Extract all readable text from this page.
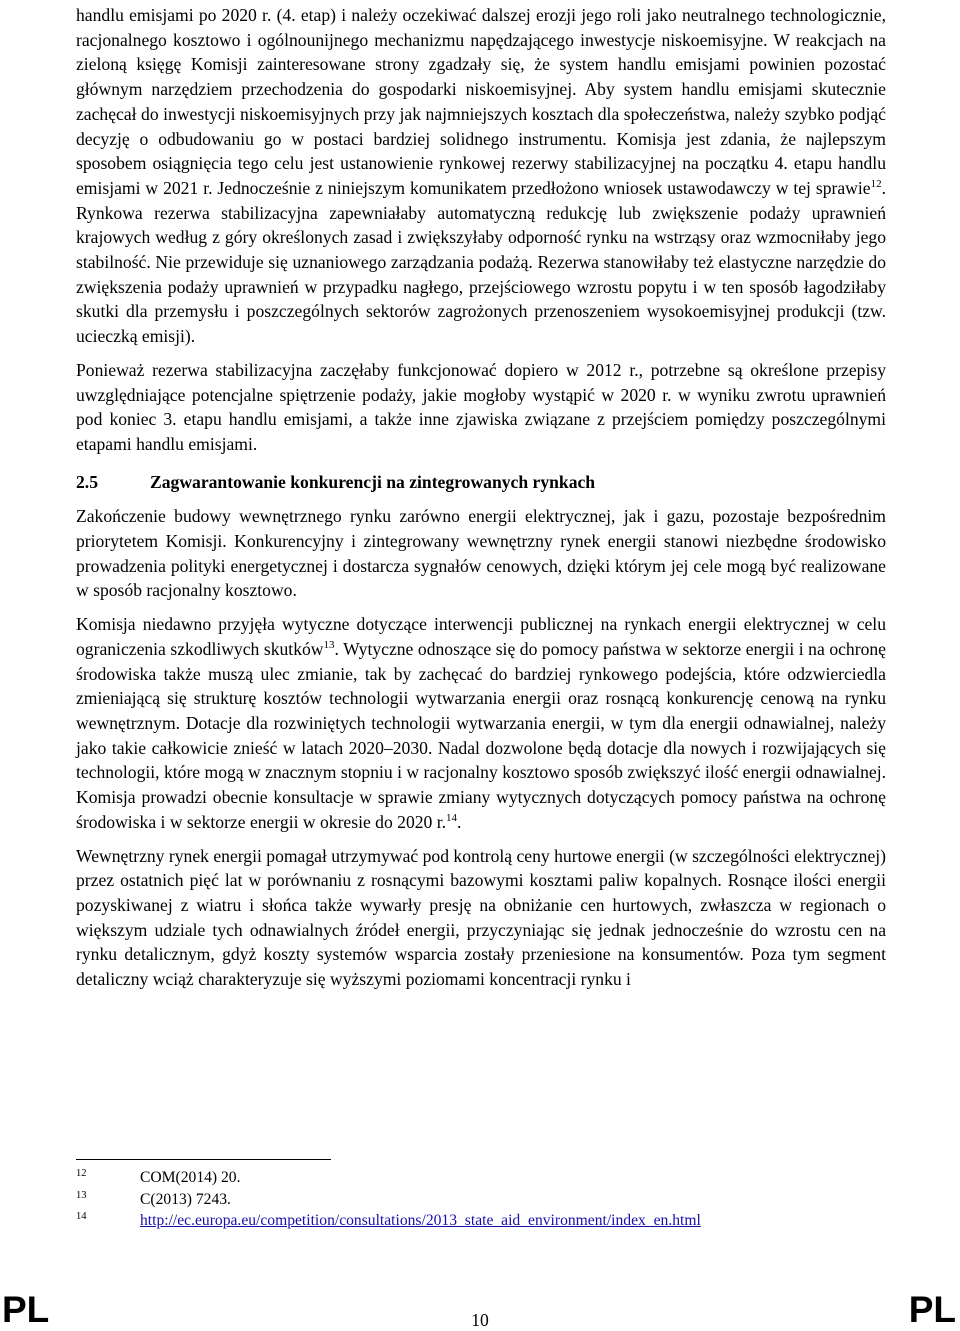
handlu emisjami po 2020 r. (4. etap) i należy oczekiwać dalszej erozji jego roli jako neutralnego technologicznie, racjonalnego kosztowo i ogólnounijnego mechanizmu napędzającego inwestycje niskoemisyjne. W reakcjach na zieloną księgę Komisji zainteresowane strony zgadzały się, że system handlu emisjami powinien pozostać głównym narzędziem przechodzenia do gospodarki niskoemisyjnej. Aby system handlu emisjami skutecznie zachęcał do inwestycji niskoemisyjnych przy jak najmniejszych kosztach dla społeczeństwa, należy szybko podjąć decyzję o odbudowaniu go w postaci bardziej solidnego instrumentu. Komisja jest zdania, że najlepszym sposobem osiągnięcia tego celu jest ustanowienie rynkowej rezerwy stabilizacyjnej na początku 4. etapu handlu emisjami w 2021 r. Jednocześnie z niniejszym komunikatem przedłożono wniosek ustawodawczy w tej sprawie$^{12}$. Rynkowa rezerwa stabilizacyjna zapewniałaby automatyczną redukcję lub zwiększenie podaży uprawnień krajowych według z góry określonych zasad i zwiększyłaby odporność rynku na wstrząsy oraz wzmocniłaby jego stabilność. Nie przewiduje się uznaniowego zarządzania podażą. Rezerwa stanowiłaby też elastyczne narzędzie do zwiększenia podaży uprawnień w przypadku nagłego, przejściowego wzrostu popytu i w ten sposób łagodziłaby skutki dla przemysłu i poszczególnych sektorów zagrożonych przenoszeniem wysokoemisyjnej produkcji (tzw. ucieczką emisji).

Ponieważ rezerwa stabilizacyjna zaczęłaby funkcjonować dopiero w 2012 r., potrzebne są określone przepisy uwzględniające potencjalne spiętrzenie podaży, jakie mogłoby wystąpić w 2020 r. w wyniku zwrotu uprawnień pod koniec 3. etapu handlu emisjami, a także inne zjawiska związane z przejściem pomiędzy poszczególnymi etapami handlu emisjami.

2.5	Zagwarantowanie konkurencji na zintegrowanych rynkach

Zakończenie budowy wewnętrznego rynku zarówno energii elektrycznej, jak i gazu, pozostaje bezpośrednim priorytetem Komisji. Konkurencyjny i zintegrowany wewnętrzny rynek energii stanowi niezbędne środowisko prowadzenia polityki energetycznej i dostarcza sygnałów cenowych, dzięki którym jej cele mogą być realizowane w sposób racjonalny kosztowo.

Komisja niedawno przyjęła wytyczne dotyczące interwencji publicznej na rynkach energii elektrycznej w celu ograniczenia szkodliwych skutków$^{13}$. Wytyczne odnoszące się do pomocy państwa w sektorze energii i na ochronę środowiska także muszą ulec zmianie, tak by zachęcać do bardziej rynkowego podejścia, które odzwierciedla zmieniającą się strukturę kosztów technologii wytwarzania energii oraz rosnącą konkurencję cenową na rynku wewnętrznym. Dotacje dla rozwiniętych technologii wytwarzania energii, w tym dla energii odnawialnej, należy jako takie całkowicie znieść w latach 2020–2030. Nadal dozwolone będą dotacje dla nowych i rozwijających się technologii, które mogą w znacznym stopniu i w racjonalny kosztowo sposób zwiększyć ilość energii odnawialnej. Komisja prowadzi obecnie konsultacje w sprawie zmiany wytycznych dotyczących pomocy państwa na ochronę środowiska i w sektorze energii w okresie do 2020 r.$^{14}$.

Wewnętrzny rynek energii pomagał utrzymywać pod kontrolą ceny hurtowe energii (w szczególności elektrycznej) przez ostatnich pięć lat w porównaniu z rosnącymi bazowymi kosztami paliw kopalnych. Rosnące ilości energii pozyskiwanej z wiatru i słońca także wywarły presję na obniżanie cen hurtowych, zwłaszcza w regionach o większym udziale tych odnawialnych źródeł energii, przyczyniając się jednak jednocześnie do wzrostu cen na rynku detalicznym, gdyż koszty systemów wsparcia zostały przeniesione na konsumentów. Poza tym segment detaliczny wciąż charakteryzuje się wyższymi poziomami koncentracji rynku i

12	COM(2014) 20.
13	C(2013) 7243.
14	http://ec.europa.eu/competition/consultations/2013_state_aid_environment/index_en.html
PL	10	PL
